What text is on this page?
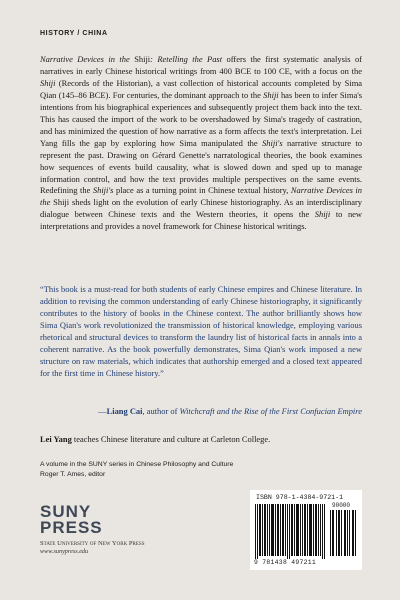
HISTORY / CHINA

Narrative Devices in the Shiji: Retelling the Past offers the first systematic analysis of narratives in early Chinese historical writings from 400 BCE to 100 CE, with a focus on the Shiji (Records of the Historian), a vast collection of historical accounts completed by Sima Qian (145–86 BCE). For centuries, the dominant approach to the Shiji has been to infer Sima's intentions from his biographical experiences and subsequently project them back into the text. This has caused the import of the work to be overshadowed by Sima's tragedy of castration, and has minimized the question of how narrative as a form affects the text's interpretation. Lei Yang fills the gap by exploring how Sima manipulated the Shiji's narrative structure to represent the past. Drawing on Gérard Genette's narratological theories, the book examines how sequences of events build causality, what is slowed down and sped up to manage information control, and how the text provides multiple perspectives on the same events. Redefining the Shiji's place as a turning point in Chinese textual history, Narrative Devices in the Shiji sheds light on the evolution of early Chinese historiography. As an interdisciplinary dialogue between Chinese texts and the Western theories, it opens the Shiji to new interpretations and provides a novel framework for Chinese historical writings.

“This book is a must-read for both students of early Chinese empires and Chinese literature. In addition to revising the common understanding of early Chinese historiography, it significantly contributes to the history of books in the Chinese context. The author brilliantly shows how Sima Qian's work revolutionized the transmission of historical knowledge, employing various rhetorical and structural devices to transform the laundry list of historical facts in annals into a coherent narrative. As the book powerfully demonstrates, Sima Qian's work imposed a new structure on raw materials, which indicates that authorship emerged and a closed text appeared for the first time in Chinese history.”

—Liang Cai, author of Witchcraft and the Rise of the First Confucian Empire

Lei Yang teaches Chinese literature and culture at Carleton College.

A volume in the SUNY series in Chinese Philosophy and Culture
Roger T. Ames, editor
SUNY
PRESS
State University of New York Press
www.sunypress.edu
ISBN 978-1-4384-9721-1
90000
9 781438 497211
